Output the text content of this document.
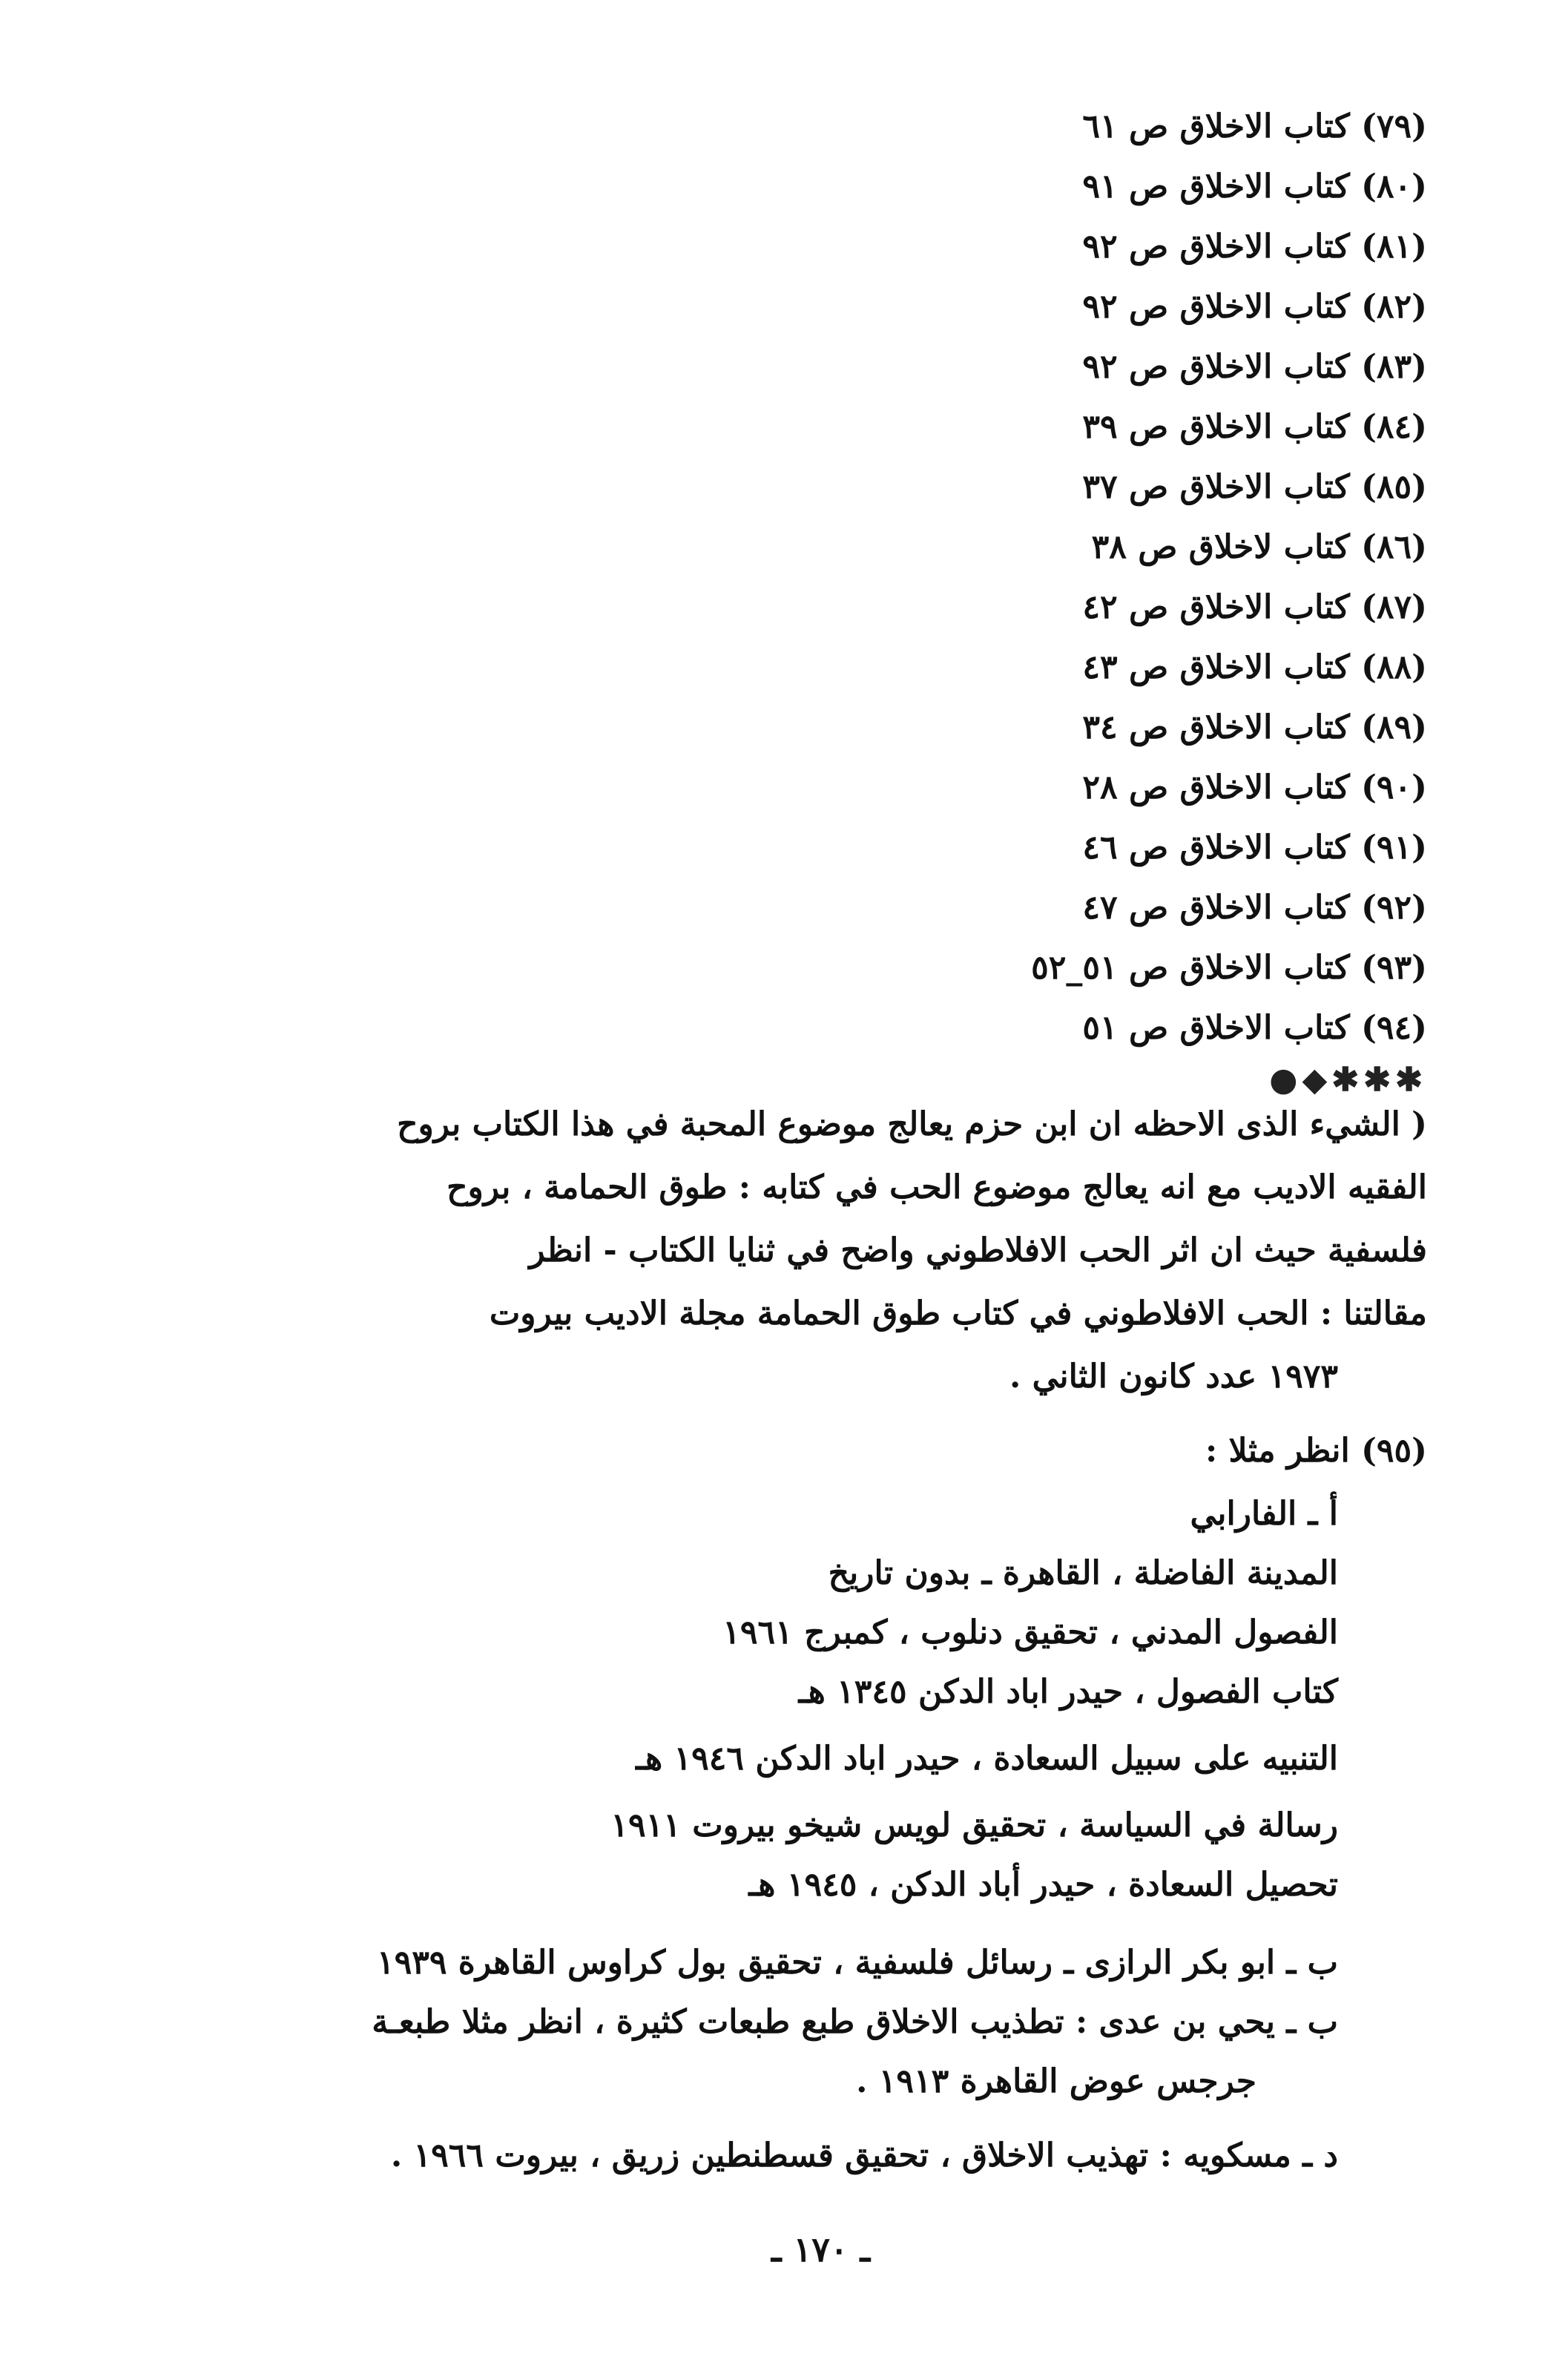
(٧٩) كتاب الاخلاق ص ٦١
(٨٠) كتاب الاخلاق ص ٩١
(٨١) كتاب الاخلاق ص ٩٢
(٨٢) كتاب الاخلاق ص ٩٢
(٨٣) كتاب الاخلاق ص ٩٢
(٨٤) كتاب الاخلاق ص ٣٩
(٨٥) كتاب الاخلاق ص ٣٧
(٨٦) كتاب لاخلاق ص ٣٨
(٨٧) كتاب الاخلاق ص ٤٢
(٨٨) كتاب الاخلاق ص ٤٣
(٨٩) كتاب الاخلاق ص ٣٤
(٩٠) كتاب الاخلاق ص ٢٨
(٩١) كتاب الاخلاق ص ٤٦
(٩٢) كتاب الاخلاق ص ٤٧
(٩٣) كتاب الاخلاق ص ٥١_٥٢
(٩٤) كتاب الاخلاق ص ٥١
●◆✱✱✱
( الشيء الذى الاحظه ان ابن حزم يعالج موضوع المحبة في هذا الكتاب بروح
الفقيه الاديب مع انه يعالج موضوع الحب في كتابه : طوق الحمامة ، بروح
فلسفية حيث ان اثر الحب الافلاطوني واضح في ثنايا الكتاب - انظر
مقالتنا : الحب الافلاطوني في كتاب طوق الحمامة مجلة الاديب بيروت
١٩٧٣ عدد كانون الثاني .
(٩٥) انظر مثلا :
أ ـ الفارابي
المدينة الفاضلة ، القاهرة ـ بدون تاريخ
الفصول المدني ، تحقيق دنلوب ، كمبرج ١٩٦١
كتاب الفصول ، حيدر اباد الدكن ١٣٤٥ هـ
التنبيه على سبيل السعادة ، حيدر اباد الدكن ١٩٤٦ هـ
رسالة في السياسة ، تحقيق لويس شيخو بيروت ١٩١١
تحصيل السعادة ، حيدر أباد الدكن ، ١٩٤٥ هـ
ب ـ ابو بكر الرازى ـ رسائل فلسفية ، تحقيق بول كراوس القاهرة ١٩٣٩
ب ـ يحي بن عدى : تطذيب الاخلاق طبع طبعات كثيرة ، انظر مثلا طبعـة
جرجس عوض القاهرة ١٩١٣ .
د ـ مسكويه : تهذيب الاخلاق ، تحقيق قسطنطين زريق ، بيروت ١٩٦٦ .
ـ ١٧٠ ـ
